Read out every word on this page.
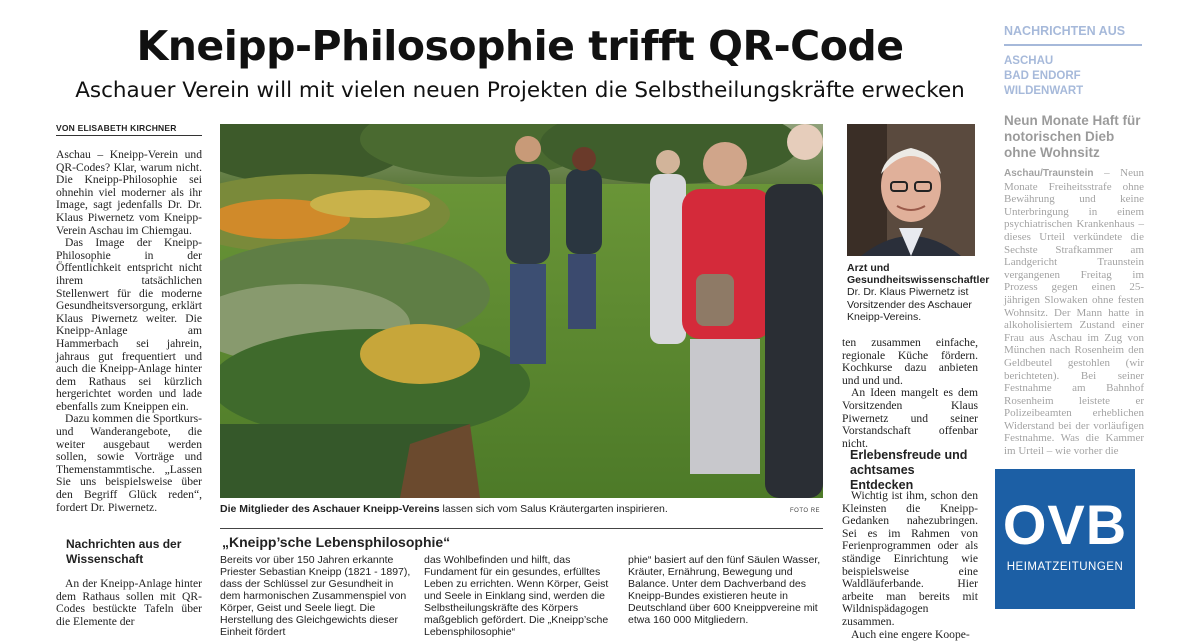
Kneipp-Philosophie trifft QR-Code
Aschauer Verein will mit vielen neuen Projekten die Selbstheilungskräfte erwecken
VON ELISABETH KIRCHNER

Aschau – Kneipp-Verein und QR-Codes? Klar, warum nicht. Die Kneipp-Philosophie sei ohnehin viel moderner als ihr Image, sagt jedenfalls Dr. Dr. Klaus Piwernetz vom Kneipp-Verein Aschau im Chiemgau.

Das Image der Kneipp-Philosophie in der Öffentlichkeit entspricht nicht ihrem tatsächlichen Stellenwert für die moderne Gesundheitsversorgung, erklärt Klaus Piwernetz weiter. Die Kneipp-Anlage am Hammerbach sei jahrein, jahraus gut frequentiert und auch die Kneipp-Anlage hinter dem Rathaus sei kürzlich hergerichtet worden und lade ebenfalls zum Kneippen ein.

Dazu kommen die Sportkurs- und Wanderangebote, die weiter ausgebaut werden sollen, sowie Vorträge und Themenstammtische. „Lassen Sie uns beispielsweise über den Begriff Glück reden“, fordert Dr. Piwernetz.

Nachrichten aus der Wissenschaft

An der Kneipp-Anlage hinter dem Rathaus sollen mit QR-Codes bestückte Tafeln über die Elemente der

Die Mitglieder des Aschauer Kneipp-Vereins lassen sich vom Salus Kräutergarten inspirieren.	FOTO RE
„Kneipp’sche Lebensphilosophie“
Bereits vor über 150 Jahren erkannte Priester Sebastian Kneipp (1821 - 1897), dass der Schlüssel zur Gesundheit in dem harmonischen Zusammenspiel von Körper, Geist und Seele liegt. Die Herstellung des Gleichgewichts dieser Einheit fördert
das Wohlbefinden und hilft, das Fundament für ein gesundes, erfülltes Leben zu errichten. Wenn Körper, Geist und Seele in Einklang sind, werden die Selbstheilungskräfte des Körpers maßgeblich gefördert. Die „Kneipp’sche Lebensphilosophie“
phie“ basiert auf den fünf Säulen Wasser, Kräuter, Ernährung, Bewegung und Balance. Unter dem Dachverband des Kneipp-Bundes existieren heute in Deutschland über 600 Kneippvereine mit etwa 160 000 Mitgliedern.
Arzt und Gesundheitswissenschaftler Dr. Dr. Klaus Piwernetz ist Vorsitzender des Aschauer Kneipp-Vereins.

ten zusammen einfache, regionale Küche fördern. Kochkurse dazu anbieten und und und.

An Ideen mangelt es dem Vorsitzenden Klaus Piwernetz und seiner Vorstandschaft offenbar nicht.

Erlebensfreude und achtsames Entdecken

Wichtig ist ihm, schon den Kleinsten die Kneipp-Gedanken nahezubringen. Sei es im Rahmen von Ferienprogrammen oder als ständige Einrichtung wie beispielsweise eine Waldläuferbande. Hier arbeite man bereits mit Wildnispädagogen zusammen.

Auch eine engere Koope-

NACHRICHTEN AUS
ASCHAU
BAD ENDORF
WILDENWART
Neun Monate Haft für notorischen Dieb ohne Wohnsitz
Aschau/Traunstein – Neun Monate Freiheitsstrafe ohne Bewährung und keine Unterbringung in einem psychiatrischen Krankenhaus – dieses Urteil verkündete die Sechste Strafkammer am Landgericht Traunstein vergangenen Freitag im Prozess gegen einen 25-jährigen Slowaken ohne festen Wohnsitz. Der Mann hatte in alkoholisiertem Zustand einer Frau aus Aschau im Zug von München nach Rosenheim den Geldbeutel gestohlen (wir berichteten). Bei seiner Festnahme am Bahnhof Rosenheim leistete er Polizeibeamten erheblichen Widerstand bei der vorläufigen Festnahme. Was die Kammer im Urteil – wie vorher die
OVB
HEIMATZEITUNGEN
